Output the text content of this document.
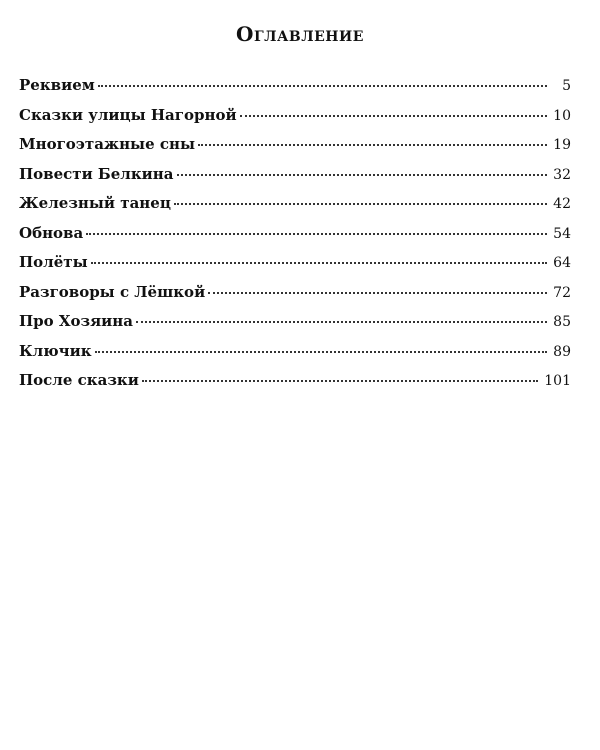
Оглавление
Реквием	5
Сказки улицы Нагорной	10
Многоэтажные сны	19
Повести Белкина	32
Железный танец	42
Обнова	54
Полёты	64
Разговоры с Лёшкой	72
Про Хозяина	85
Ключик	89
После сказки	101
